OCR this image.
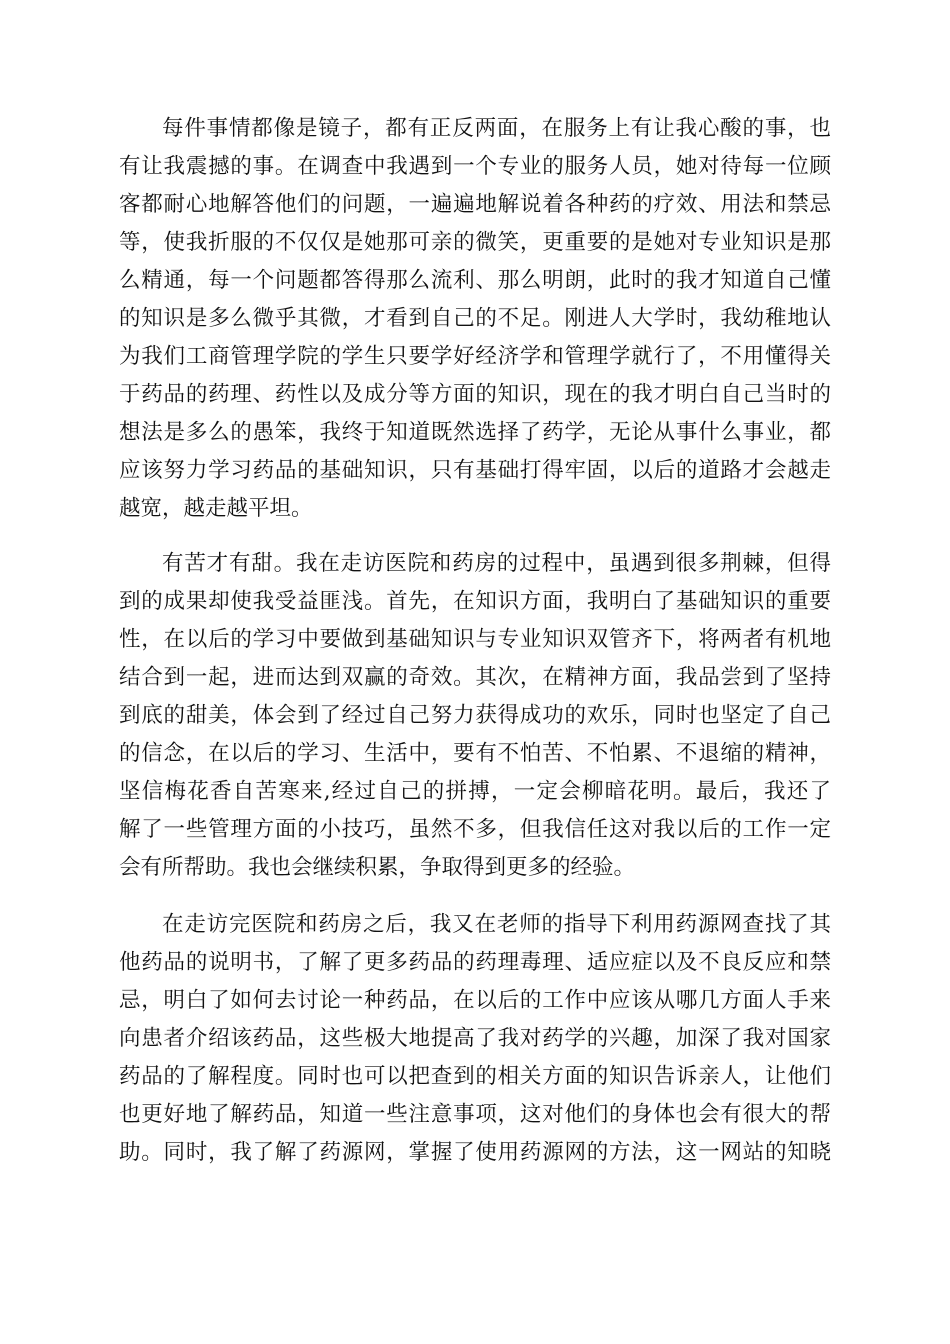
每件事情都像是镜子，都有正反两面，在服务上有让我心酸的事，也
有让我震撼的事。在调查中我遇到一个专业的服务人员，她对待每一位顾
客都耐心地解答他们的问题，一遍遍地解说着各种药的疗效、用法和禁忌
等，使我折服的不仅仅是她那可亲的微笑，更重要的是她对专业知识是那
么精通，每一个问题都答得那么流利、那么明朗，此时的我才知道自己懂
的知识是多么微乎其微，才看到自己的不足。刚进人大学时，我幼稚地认
为我们工商管理学院的学生只要学好经济学和管理学就行了，不用懂得关
于药品的药理、药性以及成分等方面的知识，现在的我才明白自己当时的
想法是多么的愚笨，我终于知道既然选择了药学，无论从事什么事业，都
应该努力学习药品的基础知识，只有基础打得牢固，以后的道路才会越走
越宽，越走越平坦。
有苦才有甜。我在走访医院和药房的过程中，虽遇到很多荆棘，但得
到的成果却使我受益匪浅。首先，在知识方面，我明白了基础知识的重要
性，在以后的学习中要做到基础知识与专业知识双管齐下，将两者有机地
结合到一起，进而达到双赢的奇效。其次，在精神方面，我品尝到了坚持
到底的甜美，体会到了经过自己努力获得成功的欢乐，同时也坚定了自己
的信念，在以后的学习、生活中，要有不怕苦、不怕累、不退缩的精神，
坚信梅花香自苦寒来,经过自己的拼搏，一定会柳暗花明。最后，我还了
解了一些管理方面的小技巧，虽然不多，但我信任这对我以后的工作一定
会有所帮助。我也会继续积累，争取得到更多的经验。
在走访完医院和药房之后，我又在老师的指导下利用药源网查找了其
他药品的说明书，了解了更多药品的药理毒理、适应症以及不良反应和禁
忌，明白了如何去讨论一种药品，在以后的工作中应该从哪几方面人手来
向患者介绍该药品，这些极大地提高了我对药学的兴趣，加深了我对国家
药品的了解程度。同时也可以把查到的相关方面的知识告诉亲人，让他们
也更好地了解药品，知道一些注意事项，这对他们的身体也会有很大的帮
助。同时，我了解了药源网，掌握了使用药源网的方法，这一网站的知晓
